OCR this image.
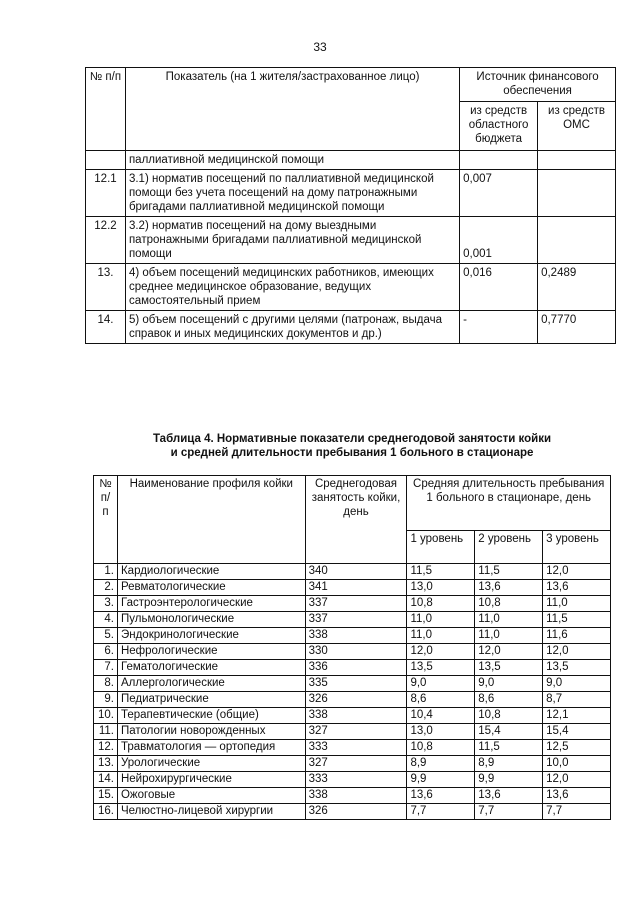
33
№ п/п	Показатель (на 1 жителя/застрахованное лицо)	Источник финансового обеспечения	
		из средств областного бюджета	из средств ОМС
	паллиативной медицинской помощи		
12.1	3.1) норматив посещений по паллиативной медицинской помощи без учета посещений на дому патронажными бригадами паллиативной медицинской помощи	0,007	
12.2	3.2) норматив посещений на дому выездными патронажными бригадами паллиативной медицинской помощи	0,001	
13.	4) объем посещений медицинских работников, имеющих среднее медицинское образование, ведущих самостоятельный прием	0,016	0,2489
14.	5) объем посещений с другими целями (патронаж, выдача справок и иных медицинских документов и др.)	-	0,7770
Таблица 4. Нормативные показатели среднегодовой занятости койки
и средней длительности пребывания 1 больного в стационаре
№ п/ п	Наименование профиля койки	Среднегодовая занятость койки, день	Средняя длительность пребывания 1 больного в стационаре, день		
			1 уровень	2 уровень	3 уровень
1.	Кардиологические	340	11,5	11,5	12,0
2.	Ревматологические	341	13,0	13,6	13,6
3.	Гастроэнтерологические	337	10,8	10,8	11,0
4.	Пульмонологические	337	11,0	11,0	11,5
5.	Эндокринологические	338	11,0	11,0	11,6
6.	Нефрологические	330	12,0	12,0	12,0
7.	Гематологические	336	13,5	13,5	13,5
8.	Аллергологические	335	9,0	9,0	9,0
9.	Педиатрические	326	8,6	8,6	8,7
10.	Терапевтические (общие)	338	10,4	10,8	12,1
11.	Патологии новорожденных	327	13,0	15,4	15,4
12.	Травматология — ортопедия	333	10,8	11,5	12,5
13.	Урологические	327	8,9	8,9	10,0
14.	Нейрохирургические	333	9,9	9,9	12,0
15.	Ожоговые	338	13,6	13,6	13,6
16.	Челюстно-лицевой хирургии	326	7,7	7,7	7,7
